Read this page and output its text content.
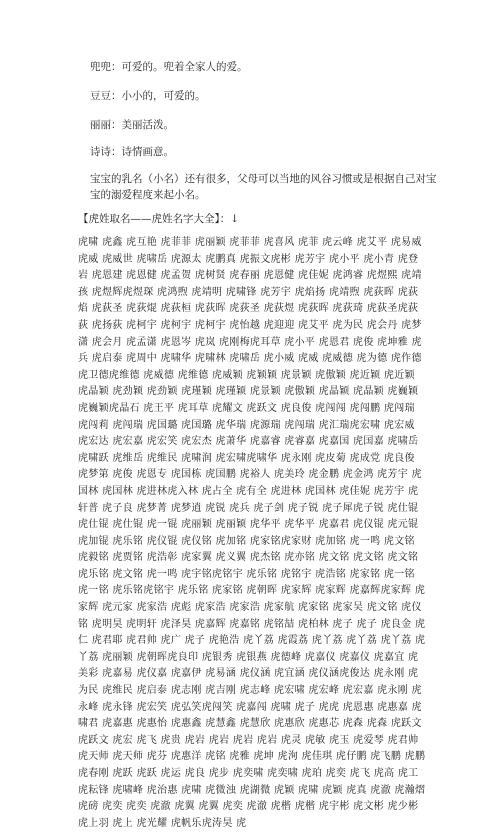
兜兜：可爱的。兜着全家人的爱。
豆豆：小小的，可爱的。
丽丽：美丽活泼。
诗诗：诗情画意。
宝宝的乳名（小名）还有很多，父母可以当地的风谷习惯或是根据自己对宝宝的溺爱程度来起小名。
【虎姓取名——虎姓名字大全】：↓
虎啸 虎鑫 虎互艳 虎菲菲 虎丽颖 虎菲菲 虎喜风 虎菲 虎云峰 虎艾平 虎易威 虎威 虎威世 虎啸岳 虎源太 虎鹏真 虎振文虎彬 虎芳宇 虎小平 虎小青 虎登岩 虎恩建 虎恩健 虎孟贺 虎树贤 虎春丽 虎恩健 虎佳妮 虎鸿睿 虎煜熙 虎靖孩 虎煜辉虎煜琛 虎鸿煦 虎靖明 虎啸锋 虎芳宇 虎焰扬 虎靖煦 虎荻晖 虎荻焰 虎荻圣 虎荻焜 虎荻桓 虎荻晖 虎荻圣 虎荻煜 虎荻晖 虎荻琦 虎荻圣虎荻荻 虎扬荻 虎柯宇 虎柯宇 虎柯宇 虎怡越 虎迎迎 虎艾平 虎为民 虎会丹 虎梦潇 虎会月 虎孟潇 虎恩岑 虎岚 虎刚梅虎耳草 虎小平 虎恩君 虎俊 虎坤雅 虎兵 虎启泰 虎周中 虎啸华 虎啸林 虎啸岳 虎小威 虎威 虎威德 虎为德 虎作德 虎卫德虎维德 虎威德 虎维德 虎威颖 虎颖颖 虎景颖 虎傲颖 虎近颖 虎近颖 虎晶颖 虎劲颖 虎劲颖 虎瑾颖 虎瑾颖 虎景颖 虎傲颖 虎晶颖 虎晶颖 虎巍颖 虎巍颖虎晶石 虎王平 虎耳草 虎耀文 虎跃文 虎良俊 虎闯闯 虎闯鹏 虎闯瑞 虎闯莉 虎闯瑞 虎国璐 虎国璐 虎华瑞 虎源瑞 虎闯瑞 虎汇瑞虎宏啸 虎宏威 虎宏达 虎宏嘉 虎宏笑 虎宏杰 虎萧华 虎嘉睿 虎睿嘉 虎嘉国 虎国嘉 虎啸岳 虎啸跃 虎维岳 虎维民 虎啸润 虎宏啸虎啸华 虎永刚 虎皮菊 虎成党 虎良俊 虎梦第 虎俊 虎恩专 虎国栋 虎国鹏 虎裕人 虎美玲 虎金鹏 虎金鸿 虎芳宇 虎国林 虎国林 虎进林虎入林 虎占全 虎有全 虎进林 虎国林 虎佳妮 虎芳宇 虎轩普 虎子良 虎梦菁 虎梦逍 虎锐 虎兵 虎子剑 虎子锐 虎子犀虎子锐 虎仕锟 虎仕锟 虎仕锟 虎一锟 虎丽颖 虎丽颖 虎华平 虎华平 虎嘉君 虎仪锟 虎元锟 虎加锟 虎乐铭 虎仪锟 虎仪铭 虎加铭 虎家铭虎家财 虎加铭 虎一鸣 虎文铭 虎毅铭 虎贾铭 虎浩彰 虎家翼 虎义翼 虎杰铭 虎亦铭 虎文铭 虎文铭 虎文铭 虎乐铭 虎文铭 虎一鸣 虎宇铭虎铭宇 虎乐铭 虎铭宇 虎浩铭 虎家铭 虎一铭 虎一铭 虎乐铭虎铭宇 虎乐铭 虎家铭 虎朝晖 虎家辉 虎家辉 虎嘉辉虎家辉 虎家辉 虎元家 虎家浩 虎彪 虎家浩 虎家浩 虎家航 虎家铭 虎家吴 虎文铭 虎仪铭 虎明昊 虎明轩 虎泽昊 虎嘉辉 虎嘉铭 虎铭喆 虎柏林 虎子 虎子 虎良金 虎仁 虎君耶 虎君帅 虎广 虎子 虎艳浩 虎丫荔 虎霞荔 虎丫荔 虎丫荔 虎丫荔 虎丫荔 虎丽颖 虎朝晖虎良印 虎银秀 虎银燕 虎德峰 虎嘉仪 虎嘉仪 虎嘉宜 虎美彩 虎嘉易 虎仪嘉 虎嘉伊 虎易涵 虎仪涵 虎宜涵 虎仪涵虎俊达 虎永刚 虎为民 虎维民 虎启泰 虎志刚 虎吉刚 虎志峰 虎宏啸 虎宏峰 虎宏嘉 虎永刚 虎永峰 虎永锋 虎宏笑 虎弘笑虎闯笑 虎嘉闯 虎啸 虎子 虎虎 虎恩惠 虎惠嘉 虎啸君 虎嘉惠 虎惠怡 虎惠鑫 虎慧鑫 虎慧欣 虎惠欣 虎惠芯 虎森 虎森 虎跃文 虎跃文 虎宏 虎飞 虎贵 虎岩 虎岩 虎岩 虎岩 虎灵 虎敏 虎玉 虎爱琴 虎君帅 虎天师 虎天师 虎芬 虎惠洋 虎铭 虎雅 虎坤 虎洵 虎佳琪 虎仔鹏 虎飞鹏 虎鹏 虎春刚 虎跃 虎跃 虎运 虎良 虎步 虎奕啸 虎奕啸 虎珀 虎奕 虎飞 虎高 虎工 虎耘锋 虎啸峰 虎治惠 虎啸 虎微浊 虎湖微 虎颖 虎啸 虎颖 虎真 虎澈 虎瀚熠 虎磅 虎奕 虎奕 虎澈 虎翼 虎翼 虎奕 虎澈 虎楷 虎楷 虎宇彬 虎文彬 虎少彬 虎上羽 虎上 虎光耀 虎帆乐虎涛昊 虎
